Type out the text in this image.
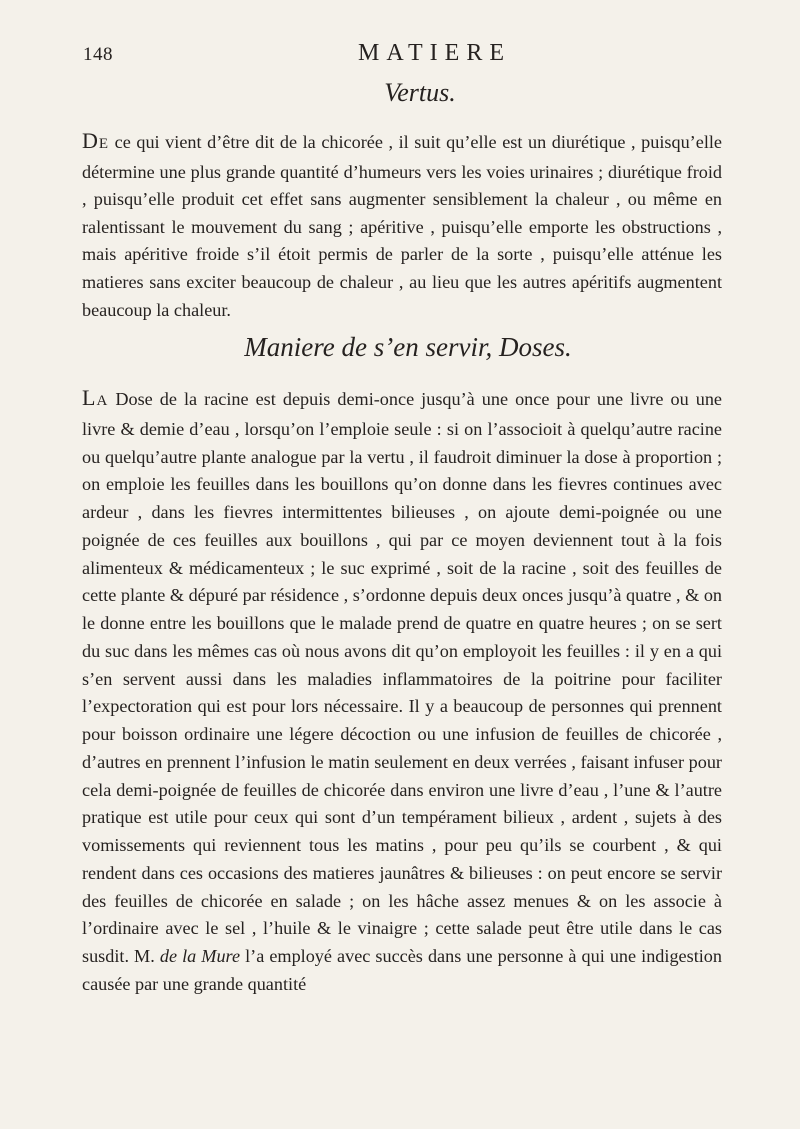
148	MATIERE
Vertus.

DE ce qui vient d’être dit de la chicorée , il suit qu’elle est un diurétique , puisqu’elle détermine une plus grande quantité d’humeurs vers les voies urinaires ; diurétique froid , puisqu’elle produit cet effet sans augmenter sensiblement la chaleur , ou même en ralentissant le mouvement du sang ; apéritive , puisqu’elle emporte les obstructions , mais apéritive froide s’il étoit permis de parler de la sorte , puisqu’elle atténue les matieres sans exciter beaucoup de chaleur , au lieu que les autres apéritifs augmentent beaucoup la chaleur.

Maniere de s’en servir, Doses.

LA Dose de la racine est depuis demi-once jusqu’à une once pour une livre ou une livre & demie d’eau , lorsqu’on l’emploie seule : si on l’associoit à quelqu’autre racine ou quelqu’autre plante analogue par la vertu , il faudroit diminuer la dose à proportion ; on emploie les feuilles dans les bouillons qu’on donne dans les fievres continues avec ardeur , dans les fievres intermittentes bilieuses , on ajoute demi-poignée ou une poignée de ces feuilles aux bouillons , qui par ce moyen deviennent tout à la fois alimenteux & médicamenteux ; le suc exprimé , soit de la racine , soit des feuilles de cette plante & dépuré par résidence , s’ordonne depuis deux onces jusqu’à quatre , & on le donne entre les bouillons que le malade prend de quatre en quatre heures ; on se sert du suc dans les mêmes cas où nous avons dit qu’on employoit les feuilles : il y en a qui s’en servent aussi dans les maladies inflammatoires de la poitrine pour faciliter l’expectoration qui est pour lors nécessaire. Il y a beaucoup de personnes qui prennent pour boisson ordinaire une légere décoction ou une infusion de feuilles de chicorée , d’autres en prennent l’infusion le matin seulement en deux verrées , faisant infuser pour cela demi-poignée de feuilles de chicorée dans environ une livre d’eau , l’une & l’autre pratique est utile pour ceux qui sont d’un tempérament bilieux , ardent , sujets à des vomissements qui reviennent tous les matins , pour peu qu’ils se courbent , & qui rendent dans ces occasions des matieres jaunâtres & bilieuses : on peut encore se servir des feuilles de chicorée en salade ; on les hâche assez menues & on les associe à l’ordinaire avec le sel , l’huile & le vinaigre ; cette salade peut être utile dans le cas susdit. M. de la Mure l’a employé avec succès dans une personne à qui une indigestion causée par une grande quantité
